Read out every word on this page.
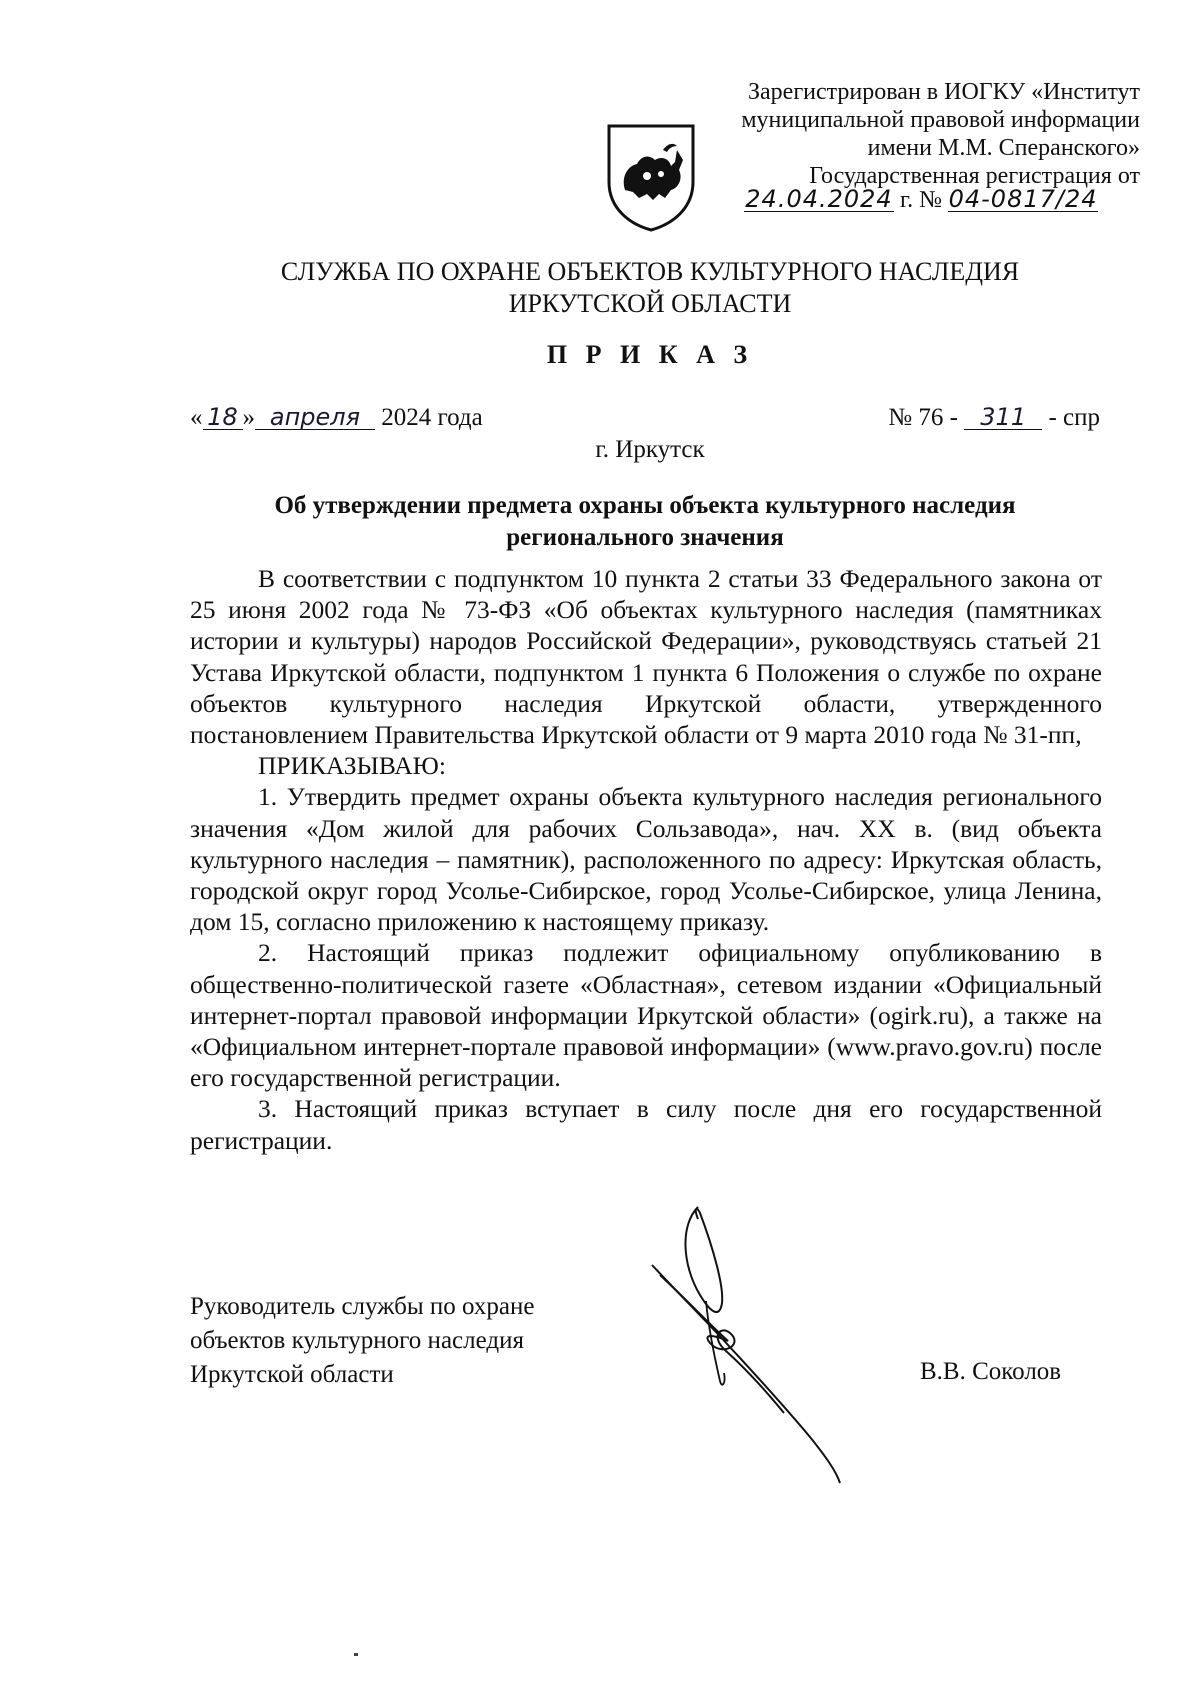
Зарегистрирован в ИОГКУ «Институт
муниципальной правовой информации
имени М.М. Сперанского»
Государственная регистрация от
24.04.2024 г. № 04-0817/24
СЛУЖБА ПО ОХРАНЕ ОБЪЕКТОВ КУЛЬТУРНОГО НАСЛЕДИЯ
ИРКУТСКОЙ ОБЛАСТИ
П Р И К А З
« 18 » апреля 2024 года	№ 76 - 311 - спр
г. Иркутск
Об утверждении предмета охраны объекта культурного наследия
регионального значения

В соответствии с подпунктом 10 пункта 2 статьи 33 Федерального закона от 25 июня 2002 года № 73-ФЗ «Об объектах культурного наследия (памятниках истории и культуры) народов Российской Федерации», руководствуясь статьей 21 Устава Иркутской области, подпунктом 1 пункта 6 Положения о службе по охране объектов культурного наследия Иркутской области, утвержденного постановлением Правительства Иркутской области от 9 марта 2010 года № 31-пп,

ПРИКАЗЫВАЮ:

1. Утвердить предмет охраны объекта культурного наследия регионального значения «Дом жилой для рабочих Сользавода», нач. XX в. (вид объекта культурного наследия – памятник), расположенного по адресу: Иркутская область, городской округ город Усолье-Сибирское, город Усолье-Сибирское, улица Ленина, дом 15, согласно приложению к настоящему приказу.

2. Настоящий приказ подлежит официальному опубликованию в общественно-политической газете «Областная», сетевом издании «Официальный интернет-портал правовой информации Иркутской области» (ogirk.ru), а также на «Официальном интернет-портале правовой информации» (www.pravo.gov.ru) после его государственной регистрации.

3. Настоящий приказ вступает в силу после дня его государственной регистрации.

Руководитель службы по охране
объектов культурного наследия
Иркутской области	В.В. Соколов
